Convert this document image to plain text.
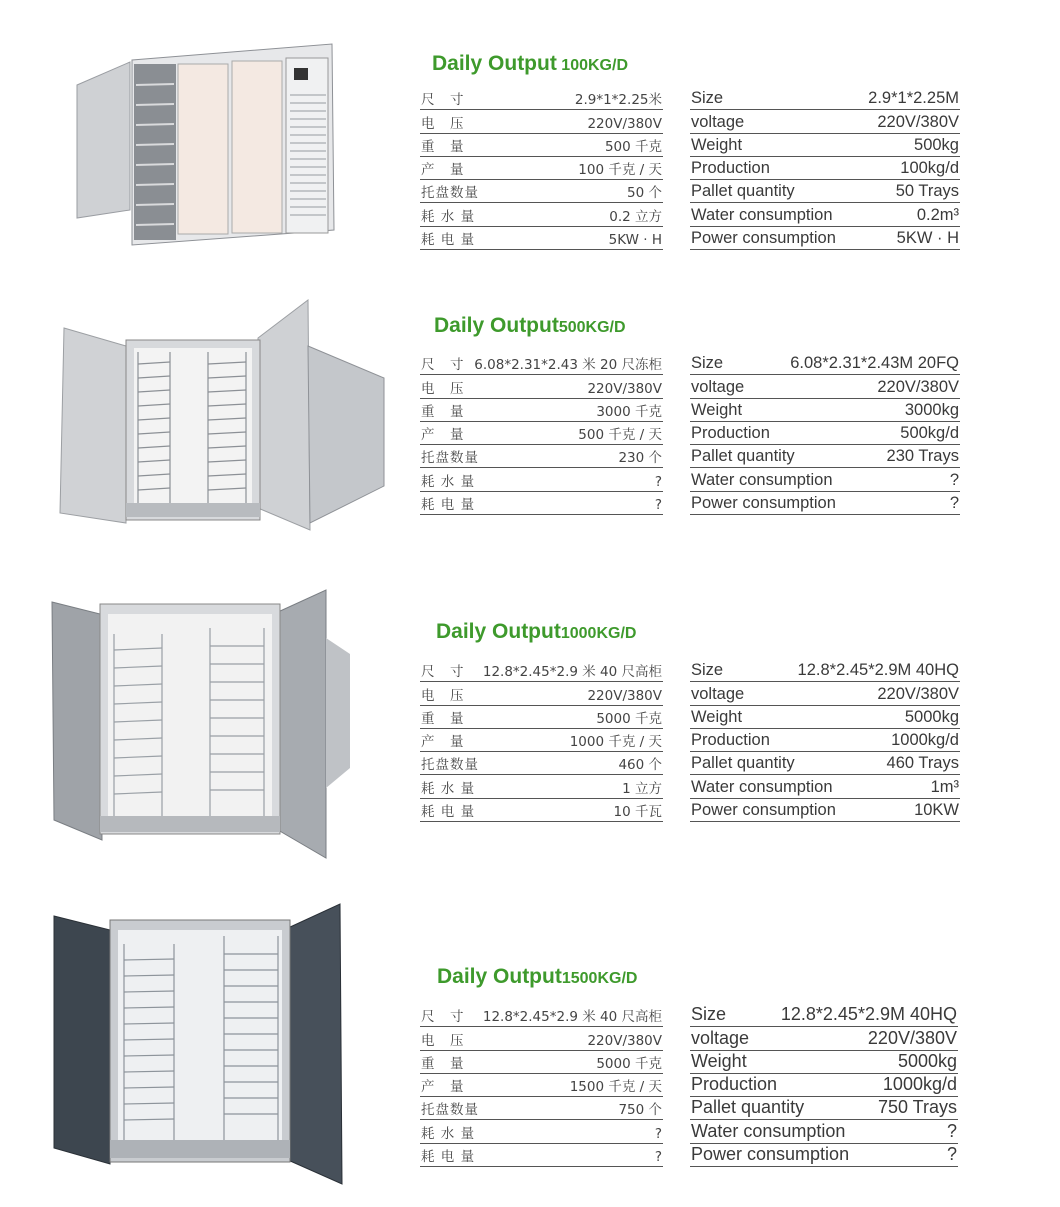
Daily Output 100KG/D
尺　寸	2.9*1*2.25米
电　压	220V/380V
重　量	500 千克
产　量	100 千克 / 天
托盘数量	50 个
耗 水 量	0.2 立方
耗 电 量	5KW · H
Size	2.9*1*2.25M
voltage	220V/380V
Weight	500kg
Production	100kg/d
Pallet quantity	50 Trays
Water consumption	0.2m³
Power consumption	5KW · H
Daily Output500KG/D
尺　寸 6.08*2.31*2.43 米 20 尺冻柜
电　压	220V/380V
重　量	3000 千克
产　量	500 千克 / 天
托盘数量	230 个
耗 水 量	?
耗 电 量	?
Size	6.08*2.31*2.43M 20FQ
voltage	220V/380V
Weight	3000kg
Production	500kg/d
Pallet quantity	230 Trays
Water consumption	?
Power consumption	?
Daily Output1000KG/D
尺　寸 12.8*2.45*2.9 米 40 尺高柜
电　压	220V/380V
重　量	5000 千克
产　量	1000 千克 / 天
托盘数量	460 个
耗 水 量	1 立方
耗 电 量	10 千瓦
Size	12.8*2.45*2.9M 40HQ
voltage	220V/380V
Weight	5000kg
Production	1000kg/d
Pallet quantity	460 Trays
Water consumption	1m³
Power consumption	10KW
Daily Output1500KG/D
尺　寸 12.8*2.45*2.9 米 40 尺高柜
电　压	220V/380V
重　量	5000 千克
产　量	1500 千克 / 天
托盘数量	750 个
耗 水 量	?
耗 电 量	?
Size	12.8*2.45*2.9M 40HQ
voltage	220V/380V
Weight	5000kg
Production	1000kg/d
Pallet quantity	750 Trays
Water consumption	?
Power consumption	?
